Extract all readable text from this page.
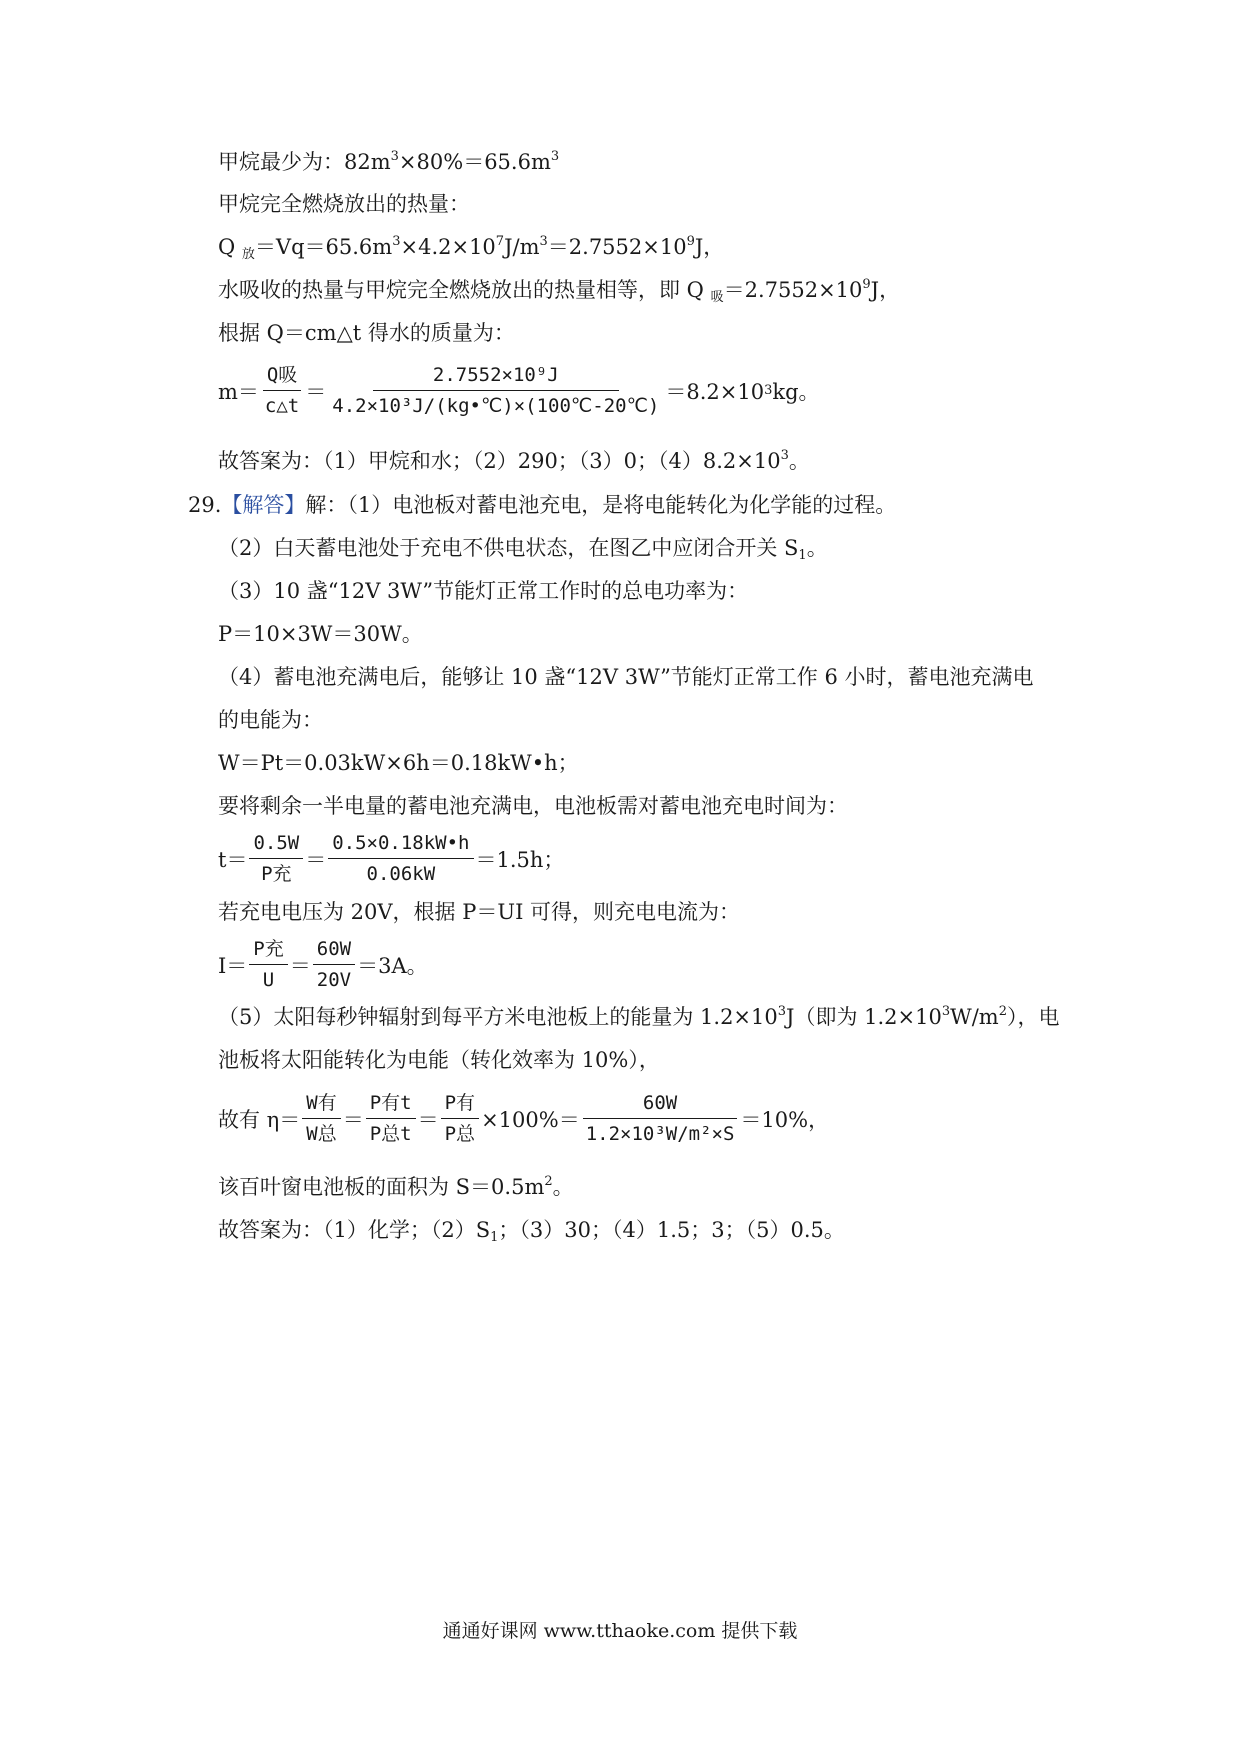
甲烷最少为：$82m^3\times 80\%=65.6m^3$
甲烷完全燃烧放出的热量：
Q $_放=Vq=65.6m^3\times 4.2\times 10^7J/m^3=2.7552\times 10^9J$，
水吸收的热量与甲烷完全燃烧放出的热量相等，即 Q $_吸=2.7552\times 10^9J$，
根据 Q＝cm△t 得水的质量为：
$m= \frac{\text{Q吸}}{c\triangle t} = \frac{\text{2.7552×10⁹J}}{\text{4.2×10³J/(kg•℃)×(100℃-20℃)}} =8.2\times 10$ 3 kg。
故答案为：（1）甲烷和水；（2）290；（3）0；$(4)8.2\times 10^3$。
29.【解答】解：（1）电池板对蓄电池充电，是将电能转化为化学能的过程。
（2）白天蓄电池处于充电不供电状态，在图乙中应闭合开关 $S_1$。
（3）10 盏“12V 3W”节能灯正常工作时的总电功率为：
P＝10×3W＝30W。
（4）蓄电池充满电后，能够让 10 盏“12V 3W”节能灯正常工作 6 小时，蓄电池充满电
的电能为：
W＝Pt＝0.03kW×6h＝0.18kW•h；
要将剩余一半电量的蓄电池充满电，电池板需对蓄电池充电时间为：
$t= \frac{0.5W}{\text{P充}} = \frac{0.5\times 0.18kW•h}{0.06kW} =1.5h$；
若充电电压为 20V，根据 P＝UI 可得，则充电电流为：
$I= \frac{\text{P充}}{U} = \frac{60W}{20V} =3A$。
（5）太阳每秒钟辐射到每平方米电池板上的能量为 $1.2\times 10^3J$（即为 $1.2\times 10^3W/m^2$），电
池板将太阳能转化为电能（转化效率为 10%），
故有 $\eta= \frac{\text{W有}}{\text{W总}} = \frac{\text{P有t}}{\text{P总t}} = \frac{\text{P有}}{\text{P总}} \times 100\%= \frac{60W}{\text{1.2×10³W/m²×S}} =10\%$，
该百叶窗电池板的面积为 $S=0.5m^2$。
故答案为：（1）化学；$(2)S_1$；（3）30；（4）1.5；3；（5）0.5。
通通好课网 www.tthaoke.com 提供下载
